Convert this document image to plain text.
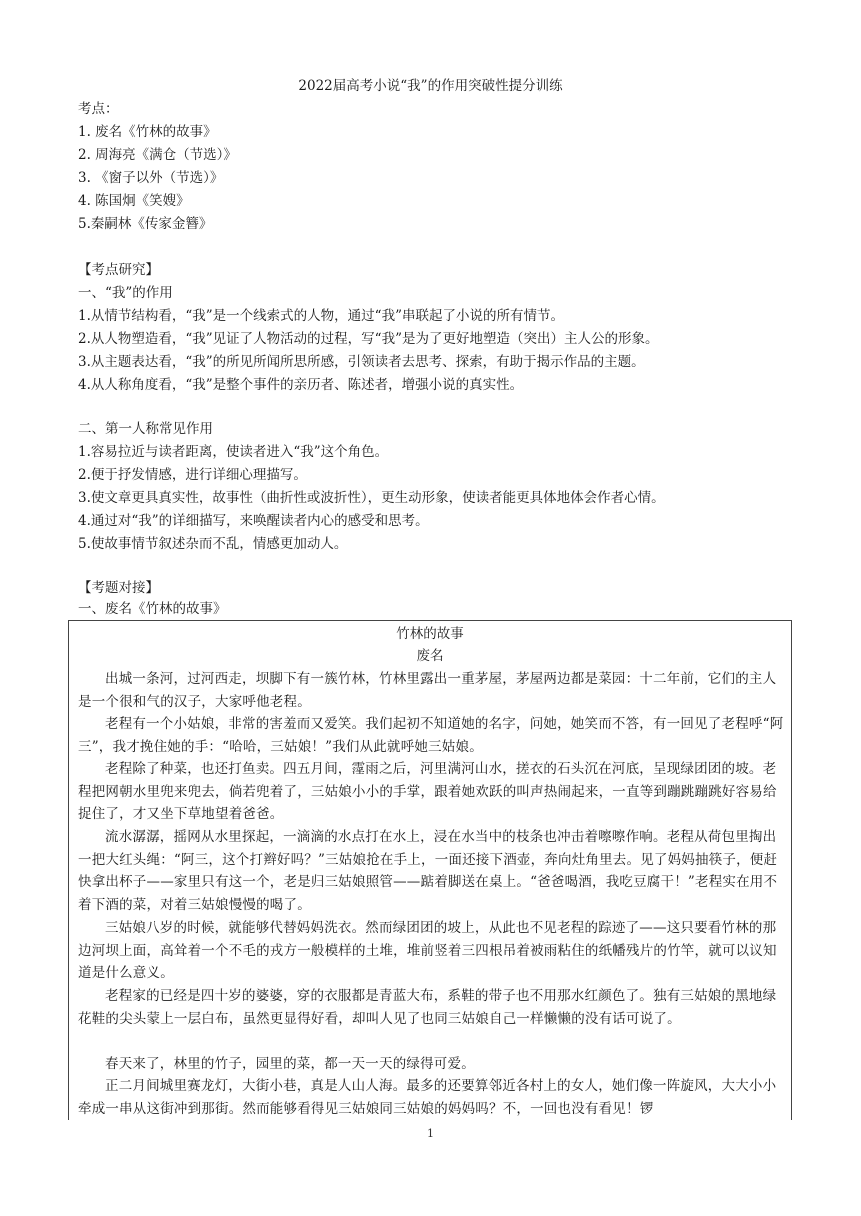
2022届高考小说“我”的作用突破性提分训练
考点：
1. 废名《竹林的故事》
2. 周海亮《满仓（节选）》
3. 《窗子以外（节选）》
4. 陈国炯《笑嫂》
5.秦嗣林《传家金簪》
【考点研究】
一、“我”的作用
1.从情节结构看，“我”是一个线索式的人物，通过“我”串联起了小说的所有情节。
2.从人物塑造看，“我”见证了人物活动的过程，写“我”是为了更好地塑造（突出）主人公的形象。
3.从主题表达看，“我”的所见所闻所思所感，引领读者去思考、探索，有助于揭示作品的主题。
4.从人称角度看，“我”是整个事件的亲历者、陈述者，增强小说的真实性。
二、第一人称常见作用
1.容易拉近与读者距离，使读者进入“我”这个角色。
2.便于抒发情感，进行详细心理描写。
3.使文章更具真实性，故事性（曲折性或波折性），更生动形象，使读者能更具体地体会作者心情。
4.通过对“我”的详细描写，来唤醒读者内心的感受和思考。
5.使故事情节叙述杂而不乱，情感更加动人。
【考题对接】
一、废名《竹林的故事》
竹林的故事
废名
出城一条河，过河西走，坝脚下有一簇竹林，竹林里露出一重茅屋，茅屋两边都是菜园：十二年前，它们的主人是一个很和气的汉子，大家呼他老程。
老程有一个小姑娘，非常的害羞而又爱笑。我们起初不知道她的名字，问她，她笑而不答，有一回见了老程呼“阿三”，我才挽住她的手：“哈哈，三姑娘！”我们从此就呼她三姑娘。
老程除了种菜，也还打鱼卖。四五月间，霪雨之后，河里满河山水，搓衣的石头沉在河底，呈现绿团团的坡。老程把网朝水里兜来兜去，倘若兜着了，三姑娘小小的手掌，跟着她欢跃的叫声热闹起来，一直等到蹦跳蹦跳好容易给捉住了，才又坐下草地望着爸爸。
流水潺潺，摇网从水里探起，一滴滴的水点打在水上，浸在水当中的枝条也冲击着嚓嚓作响。老程从荷包里掏出一把大红头绳：“阿三，这个打辫好吗？”三姑娘抢在手上，一面还接下酒壶，奔向灶角里去。见了妈妈抽筷子，便赶快拿出杯子——家里只有这一个，老是归三姑娘照管——踮着脚送在桌上。“爸爸喝酒，我吃豆腐干！”老程实在用不着下酒的菜，对着三姑娘慢慢的喝了。
三姑娘八岁的时候，就能够代替妈妈洗衣。然而绿团团的坡上，从此也不见老程的踪迹了——这只要看竹林的那边河坝上面，高耸着一个不毛的戎方一般模样的土堆，堆前竖着三四根吊着被雨粘住的纸幡残片的竹竿，就可以议知道是什么意义。
老程家的已经是四十岁的婆婆，穿的衣服都是青蓝大布，系鞋的带子也不用那水红颜色了。独有三姑娘的黑地绿花鞋的尖头蒙上一层白布，虽然更显得好看，却叫人见了也同三姑娘自己一样懒懒的没有话可说了。
春天来了，林里的竹子，园里的菜，都一天一天的绿得可爱。
正二月间城里赛龙灯，大街小巷，真是人山人海。最多的还要算邻近各村上的女人，她们像一阵旋风，大大小小牵成一串从这街冲到那街。然而能够看得见三姑娘同三姑娘的妈妈吗？不，一回也没有看见！锣
1
